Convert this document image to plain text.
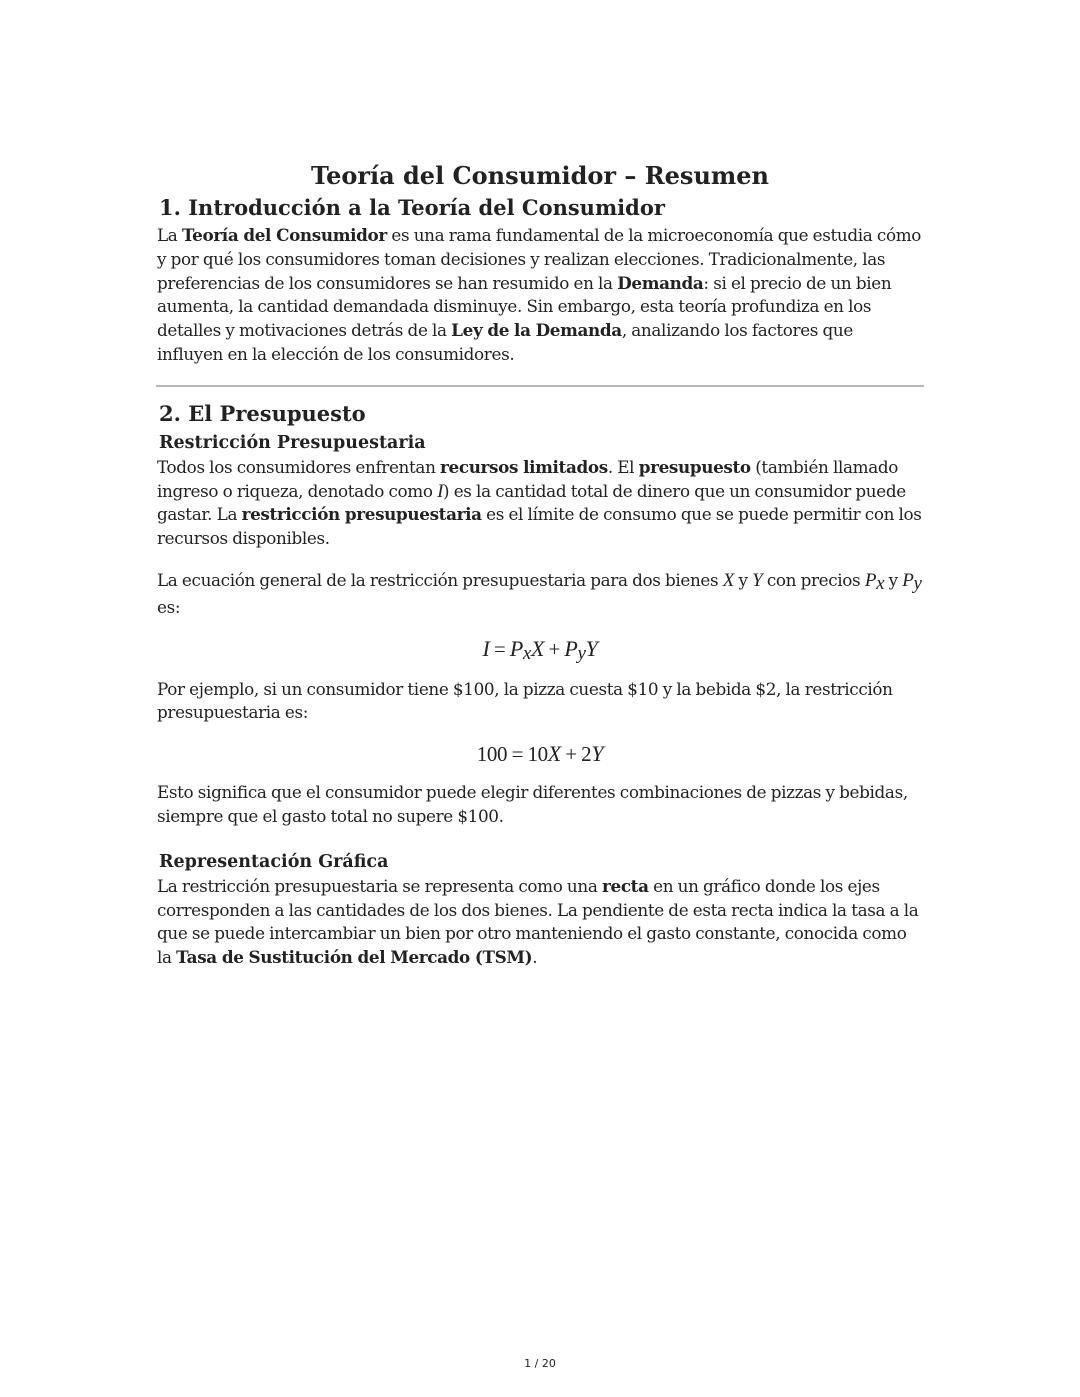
Teoría del Consumidor – Resumen
1. Introducción a la Teoría del Consumidor

La Teoría del Consumidor es una rama fundamental de la microeconomía que estudia cómo y por qué los consumidores toman decisiones y realizan elecciones. Tradicionalmente, las preferencias de los consumidores se han resumido en la Demanda: si el precio de un bien aumenta, la cantidad demandada disminuye. Sin embargo, esta teoría profundiza en los detalles y motivaciones detrás de la Ley de la Demanda, analizando los factores que influyen en la elección de los consumidores.

2. El Presupuesto
Restricción Presupuestaria

Todos los consumidores enfrentan recursos limitados. El presupuesto (también llamado ingreso o riqueza, denotado como I) es la cantidad total de dinero que un consumidor puede gastar. La restricción presupuestaria es el límite de consumo que se puede permitir con los recursos disponibles.

La ecuación general de la restricción presupuestaria para dos bienes X y Y con precios $P_x$ y $P_y$ es:

$I = P_xX + P_yY$

Por ejemplo, si un consumidor tiene $100, la pizza cuesta $10 y la bebida $2, la restricción presupuestaria es:

100 = 10X + 2Y

Esto significa que el consumidor puede elegir diferentes combinaciones de pizzas y bebidas, siempre que el gasto total no supere $100.

Representación Gráfica

La restricción presupuestaria se representa como una recta en un gráfico donde los ejes corresponden a las cantidades de los dos bienes. La pendiente de esta recta indica la tasa a la que se puede intercambiar un bien por otro manteniendo el gasto constante, conocida como la Tasa de Sustitución del Mercado (TSM).

1 / 20
